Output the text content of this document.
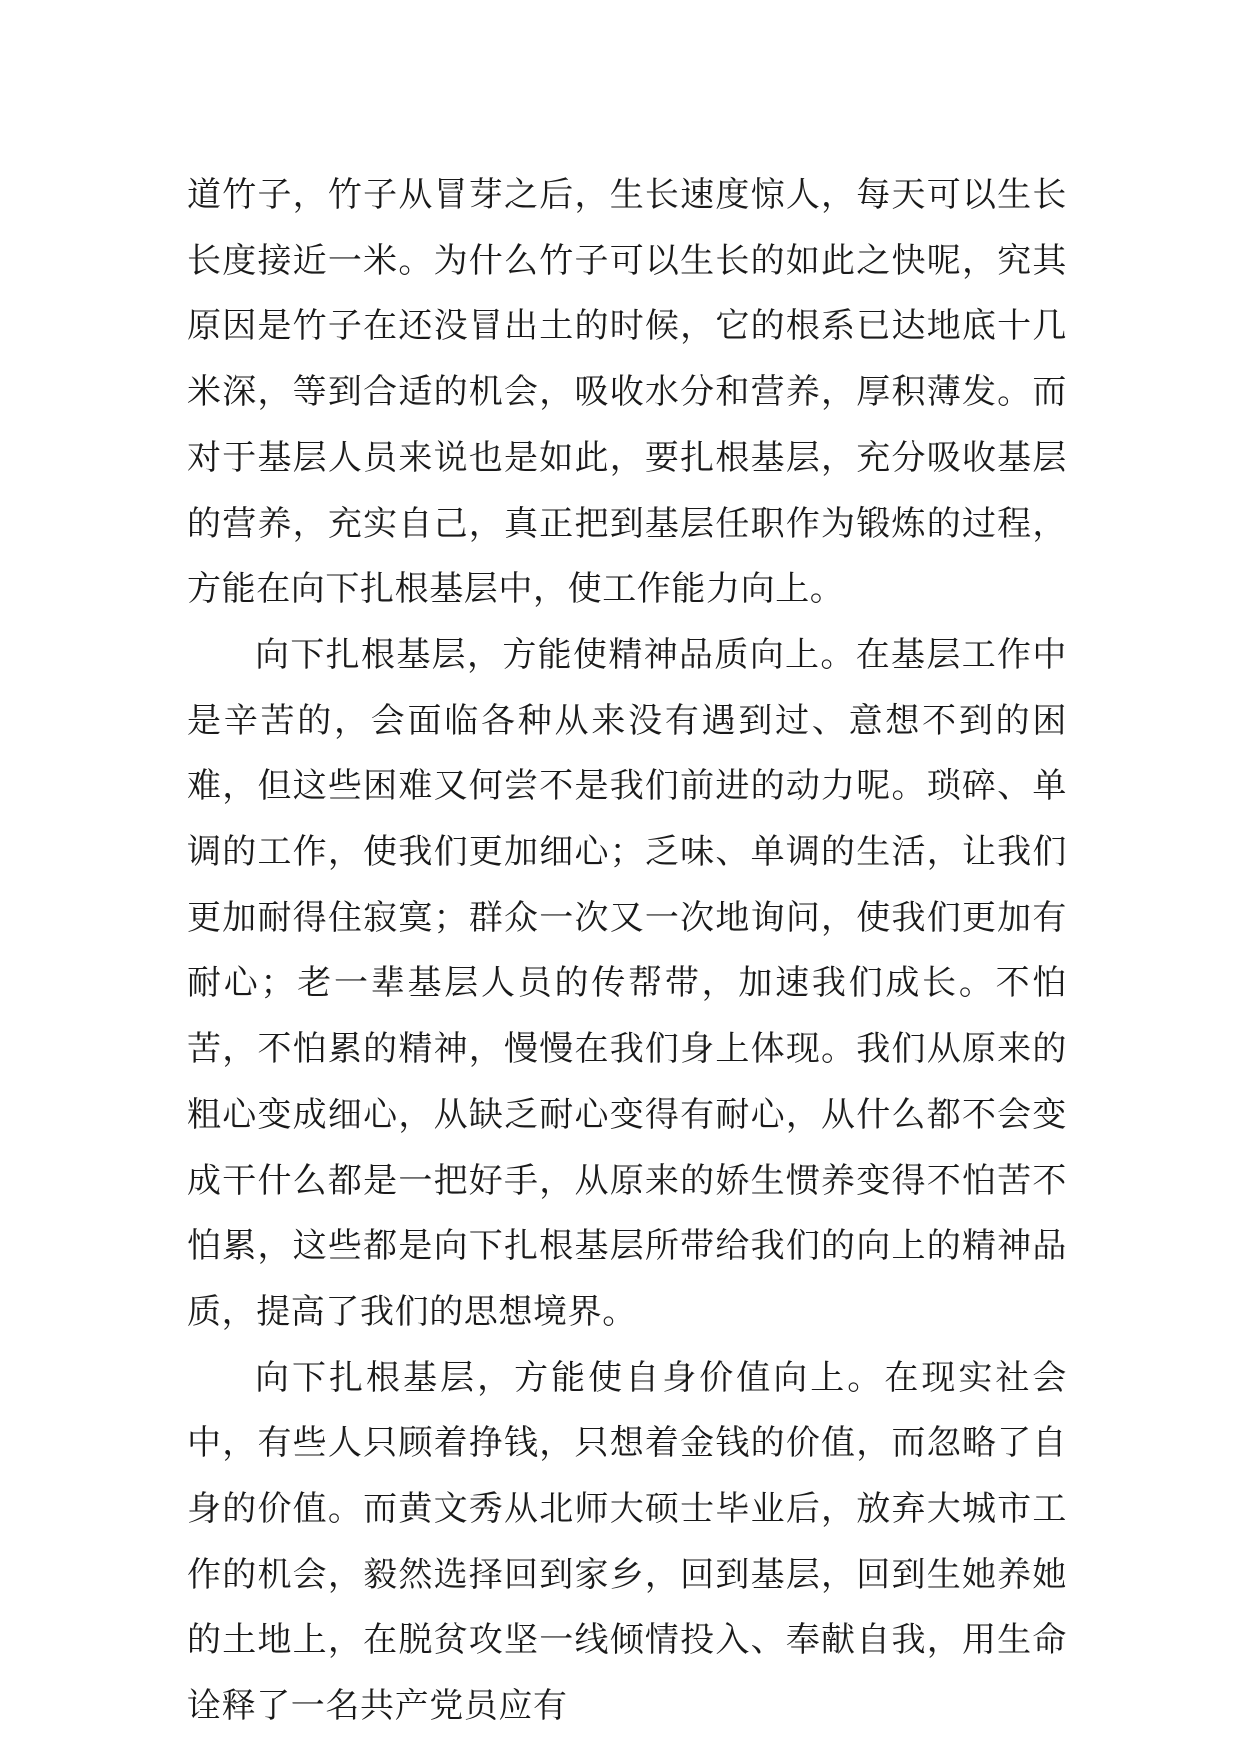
道竹子，竹子从冒芽之后，生长速度惊人，每天可以生长长度接近一米。为什么竹子可以生长的如此之快呢，究其原因是竹子在还没冒出土的时候，它的根系已达地底十几米深，等到合适的机会，吸收水分和营养，厚积薄发。而对于基层人员来说也是如此，要扎根基层，充分吸收基层的营养，充实自己，真正把到基层任职作为锻炼的过程，方能在向下扎根基层中，使工作能力向上。

向下扎根基层，方能使精神品质向上。在基层工作中是辛苦的，会面临各种从来没有遇到过、意想不到的困难，但这些困难又何尝不是我们前进的动力呢。琐碎、单调的工作，使我们更加细心；乏味、单调的生活，让我们更加耐得住寂寞；群众一次又一次地询问，使我们更加有耐心；老一辈基层人员的传帮带，加速我们成长。不怕苦，不怕累的精神，慢慢在我们身上体现。我们从原来的粗心变成细心，从缺乏耐心变得有耐心，从什么都不会变成干什么都是一把好手，从原来的娇生惯养变得不怕苦不怕累，这些都是向下扎根基层所带给我们的向上的精神品质，提高了我们的思想境界。

向下扎根基层，方能使自身价值向上。在现实社会中，有些人只顾着挣钱，只想着金钱的价值，而忽略了自身的价值。而黄文秀从北师大硕士毕业后，放弃大城市工作的机会，毅然选择回到家乡，回到基层，回到生她养她的土地上，在脱贫攻坚一线倾情投入、奉献自我，用生命诠释了一名共产党员应有
